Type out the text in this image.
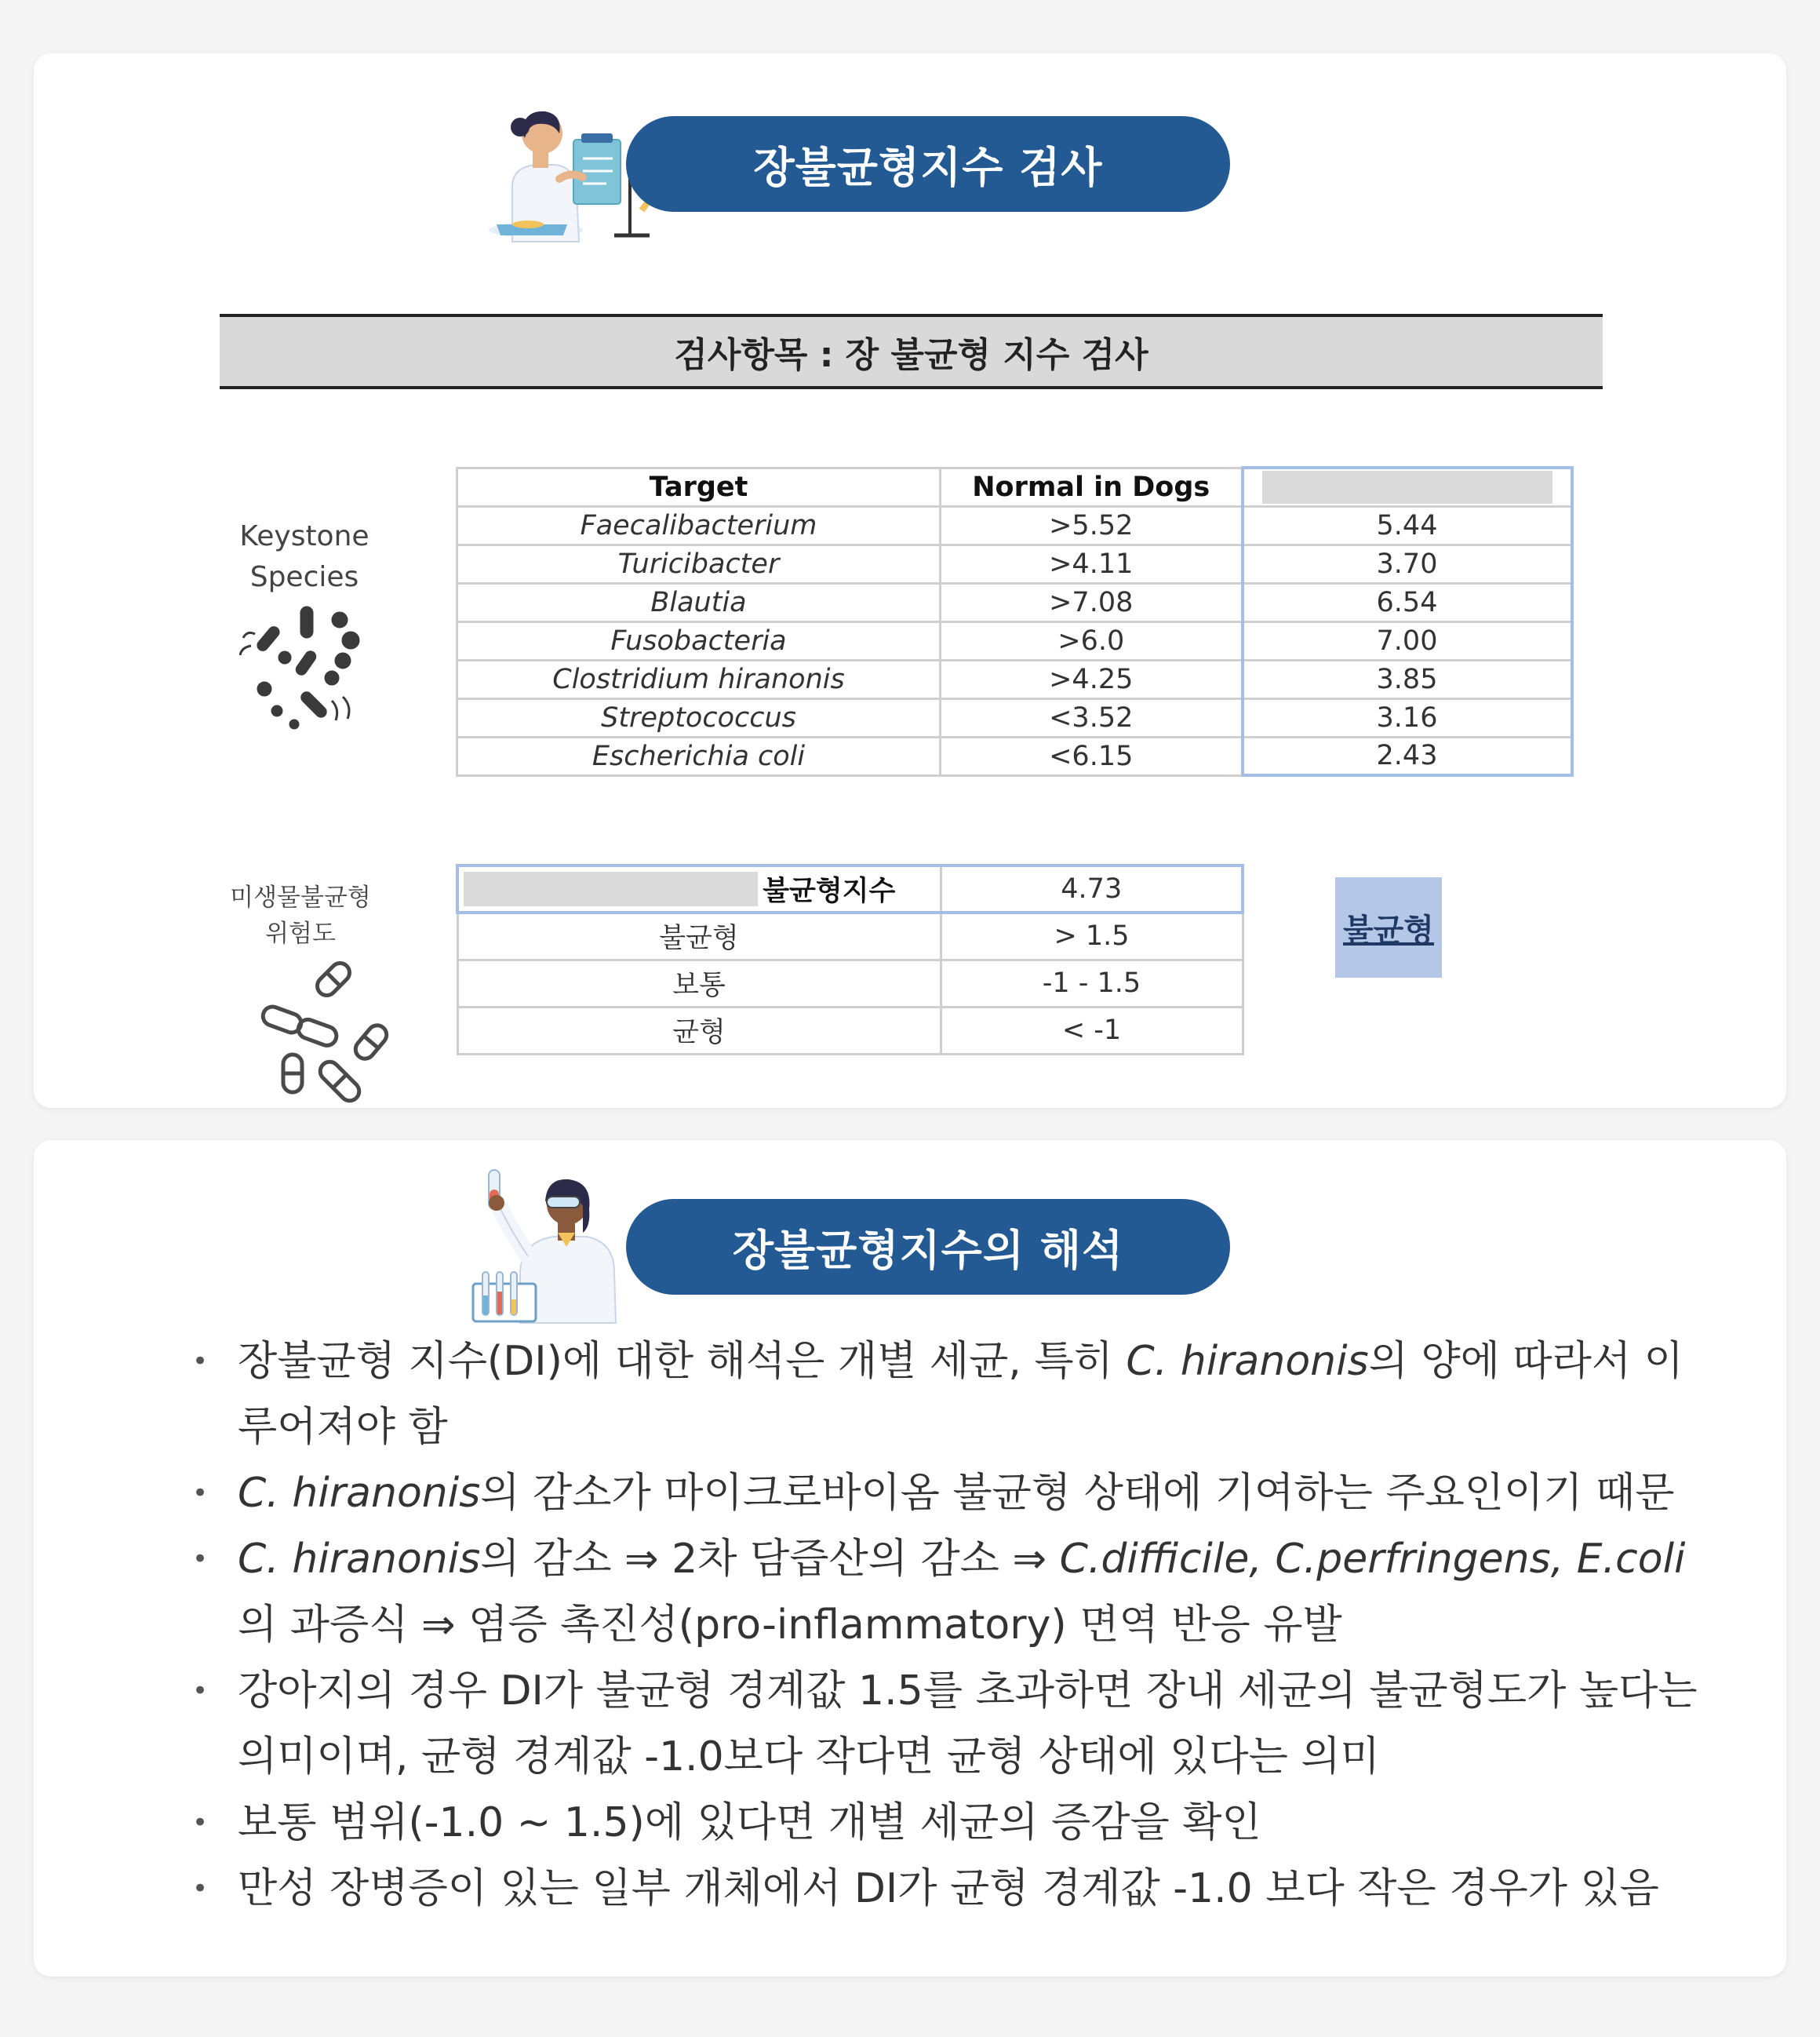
장불균형지수 검사
검사항목 : 장 불균형 지수 검사
Keystone
Species
Target	Normal in Dogs	

Faecalibacterium	>5.52	5.44
Turicibacter	>4.11	3.70
Blautia	>7.08	6.54
Fusobacteria	>6.0	7.00
Clostridium hiranonis	>4.25	3.85
Streptococcus	<3.52	3.16
Escherichia coli	<6.15	2.43
미생물불균형
위험도
불균형지수	4.73
불균형	> 1.5
보통	-1 - 1.5
균형	< -1
불균형
장불균형지수의 해석
• 장불균형 지수(DI)에 대한 해석은 개별 세균, 특히 C. hiranonis의 양에 따라서 이루어져야 함
• C. hiranonis의 감소가 마이크로바이옴 불균형 상태에 기여하는 주요인이기 때문
• C. hiranonis의 감소 ⇒ 2차 담즙산의 감소 ⇒ C.difficile, C.perfringens, E.coli 의 과증식 ⇒ 염증 촉진성(pro-inflammatory) 면역 반응 유발
• 강아지의 경우 DI가 불균형 경계값 1.5를 초과하면 장내 세균의 불균형도가 높다는 의미이며, 균형 경계값 -1.0보다 작다면 균형 상태에 있다는 의미
• 보통 범위(-1.0 ~ 1.5)에 있다면 개별 세균의 증감을 확인
• 만성 장병증이 있는 일부 개체에서 DI가 균형 경계값 -1.0 보다 작은 경우가 있음
